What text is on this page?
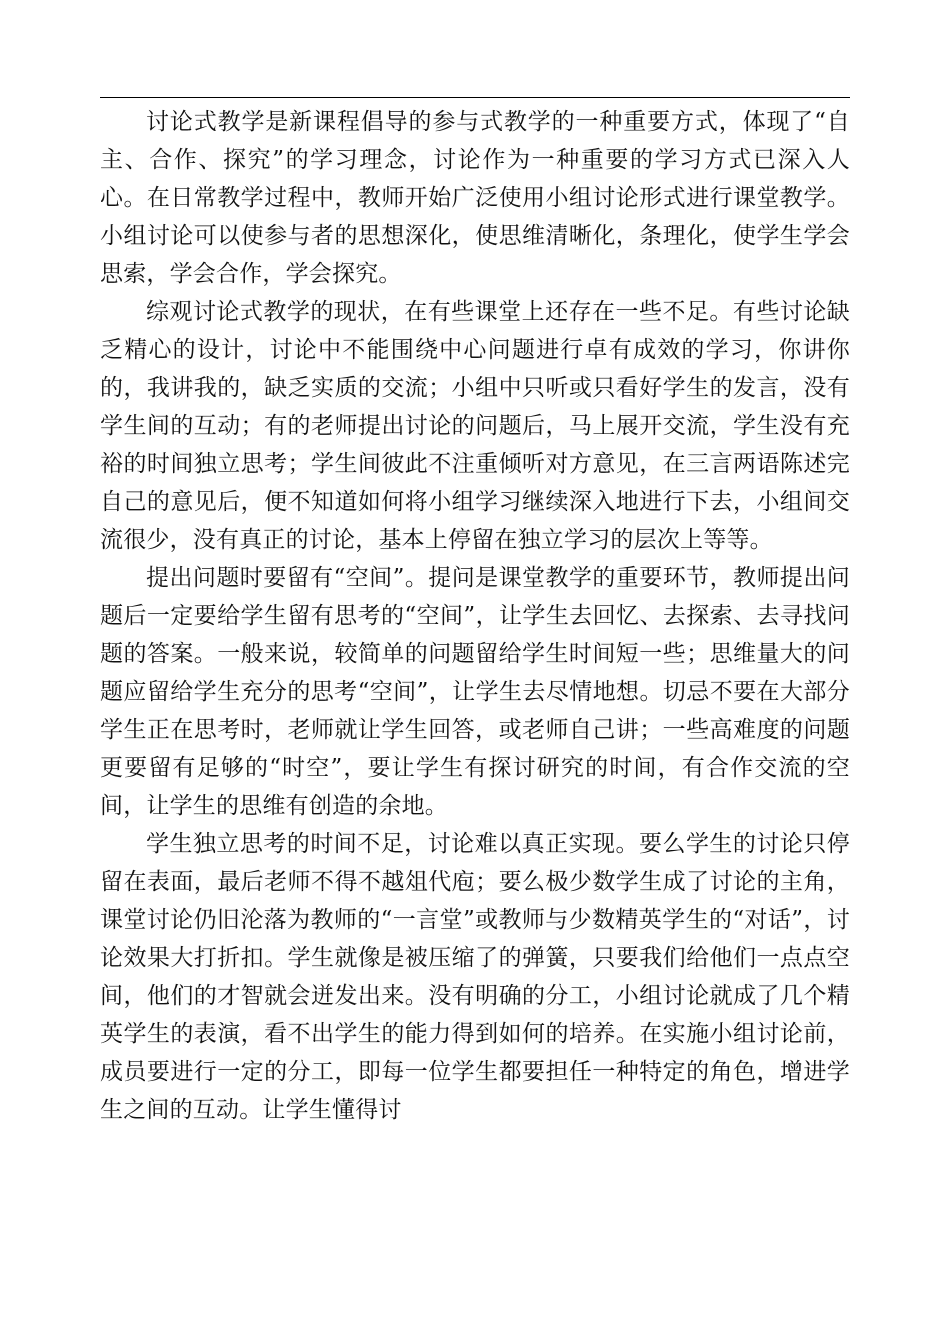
讨论式教学是新课程倡导的参与式教学的一种重要方式，体现了“自主、合作、探究”的学习理念，讨论作为一种重要的学习方式已深入人心。在日常教学过程中，教师开始广泛使用小组讨论形式进行课堂教学。小组讨论可以使参与者的思想深化，使思维清晰化，条理化，使学生学会思索，学会合作，学会探究。

综观讨论式教学的现状，在有些课堂上还存在一些不足。有些讨论缺乏精心的设计，讨论中不能围绕中心问题进行卓有成效的学习，你讲你的，我讲我的，缺乏实质的交流；小组中只听或只看好学生的发言，没有学生间的互动；有的老师提出讨论的问题后，马上展开交流，学生没有充裕的时间独立思考；学生间彼此不注重倾听对方意见，在三言两语陈述完自己的意见后，便不知道如何将小组学习继续深入地进行下去，小组间交流很少，没有真正的讨论，基本上停留在独立学习的层次上等等。

提出问题时要留有“空间”。提问是课堂教学的重要环节，教师提出问题后一定要给学生留有思考的“空间”，让学生去回忆、去探索、去寻找问题的答案。一般来说，较简单的问题留给学生时间短一些；思维量大的问题应留给学生充分的思考“空间”，让学生去尽情地想。切忌不要在大部分学生正在思考时，老师就让学生回答，或老师自己讲；一些高难度的问题更要留有足够的“时空”，要让学生有探讨研究的时间，有合作交流的空间，让学生的思维有创造的余地。

学生独立思考的时间不足，讨论难以真正实现。要么学生的讨论只停留在表面，最后老师不得不越俎代庖；要么极少数学生成了讨论的主角，课堂讨论仍旧沦落为教师的“一言堂”或教师与少数精英学生的“对话”，讨论效果大打折扣。学生就像是被压缩了的弹簧，只要我们给他们一点点空间，他们的才智就会迸发出来。没有明确的分工，小组讨论就成了几个精英学生的表演，看不出学生的能力得到如何的培养。在实施小组讨论前，成员要进行一定的分工，即每一位学生都要担任一种特定的角色，增进学生之间的互动。让学生懂得讨
